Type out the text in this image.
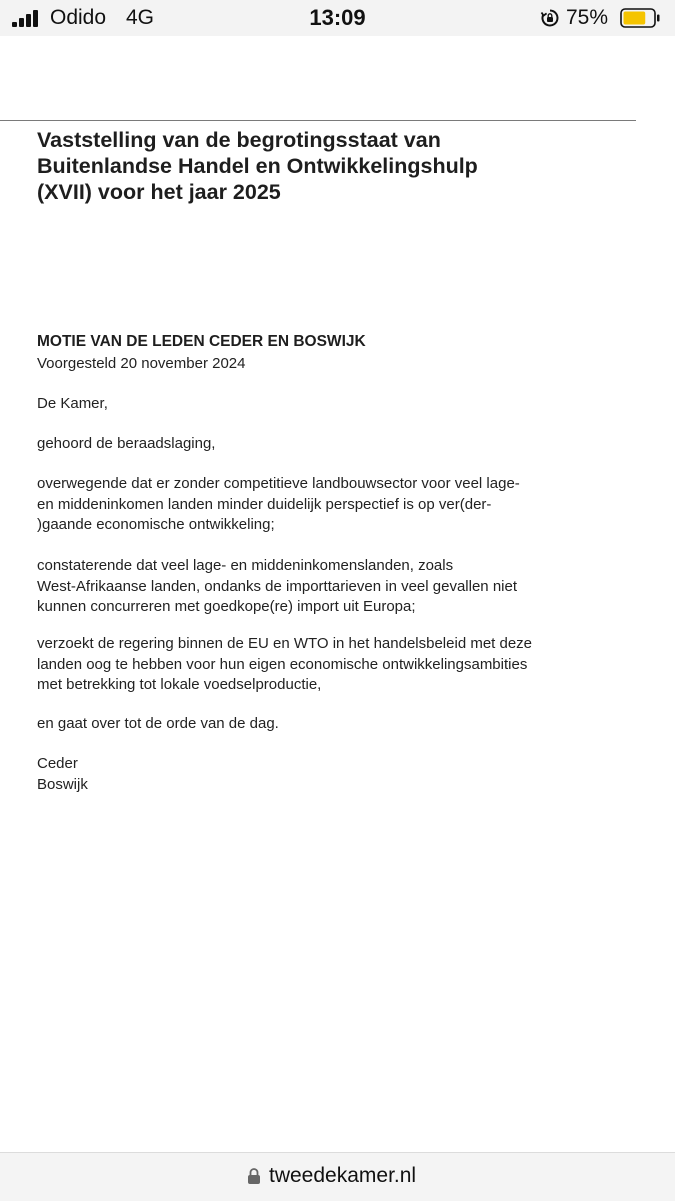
Odido 4G	13:09	75%
Vaststelling van de begrotingsstaat van
Buitenlandse Handel en Ontwikkelingshulp
(XVII) voor het jaar 2025
MOTIE VAN DE LEDEN CEDER EN BOSWIJK
Voorgesteld 20 november 2024
De Kamer,
gehoord de beraadslaging,
overwegende dat er zonder competitieve landbouwsector voor veel lage-
en middeninkomen landen minder duidelijk perspectief is op ver(der-
)gaande economische ontwikkeling;
constaterende dat veel lage- en middeninkomenslanden, zoals
West-Afrikaanse landen, ondanks de importtarieven in veel gevallen niet
kunnen concurreren met goedkope(re) import uit Europa;
verzoekt de regering binnen de EU en WTO in het handelsbeleid met deze
landen oog te hebben voor hun eigen economische ontwikkelingsambities
met betrekking tot lokale voedselproductie,
en gaat over tot de orde van de dag.
Ceder
Boswijk
tweedekamer.nl
